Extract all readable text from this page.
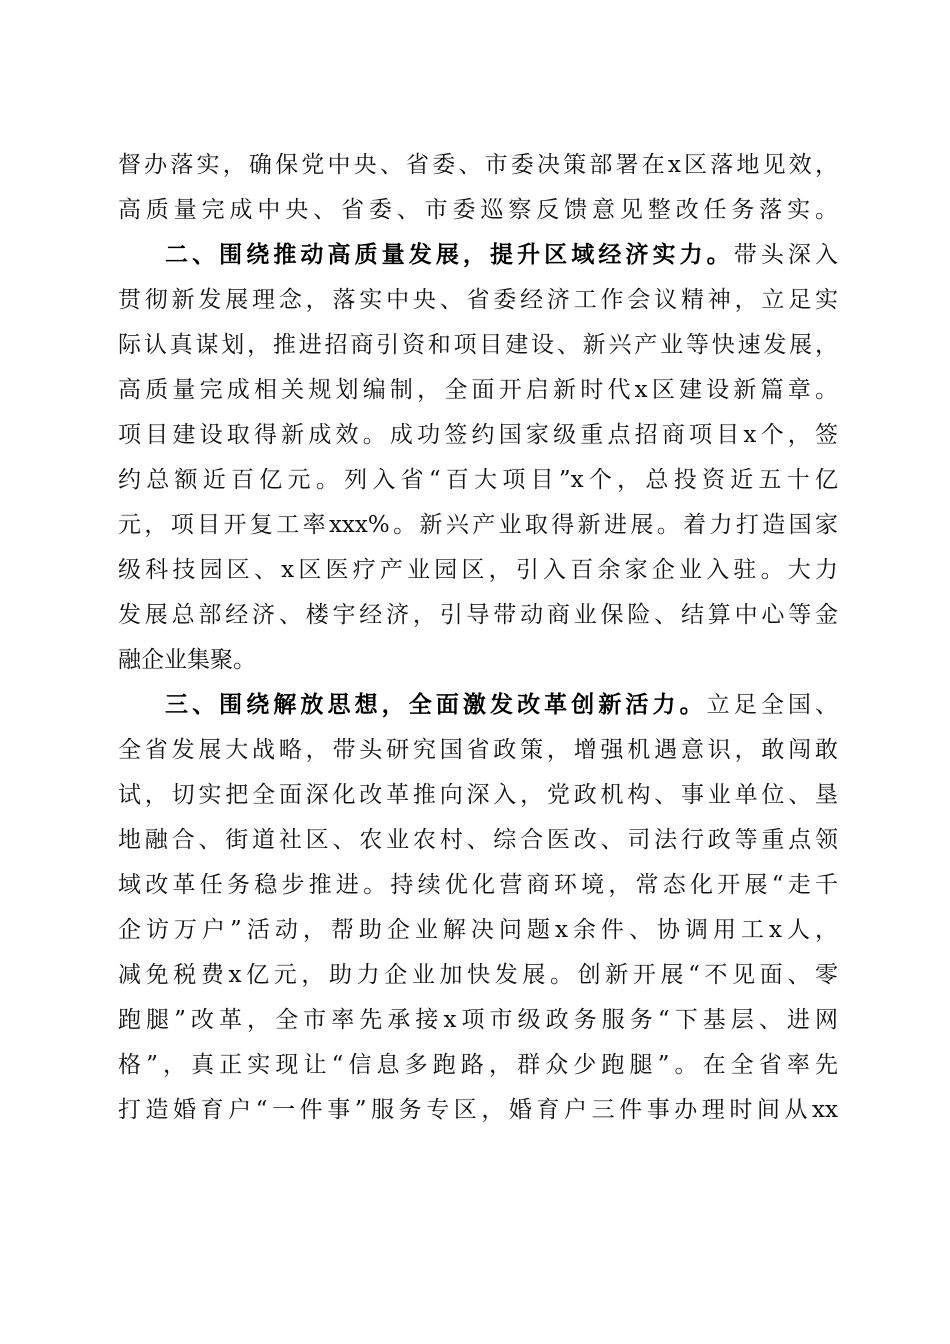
督办落实，确保党中央、省委、市委决策部署在x区落地见效，
高质量完成中央、省委、市委巡察反馈意见整改任务落实。
二、围绕推动高质量发展，提升区域经济实力。带头深入
贯彻新发展理念，落实中央、省委经济工作会议精神，立足实
际认真谋划，推进招商引资和项目建设、新兴产业等快速发展，
高质量完成相关规划编制，全面开启新时代x区建设新篇章。
项目建设取得新成效。成功签约国家级重点招商项目x个，签
约总额近百亿元。列入省“百大项目”x个，总投资近五十亿
元，项目开复工率xxx%。新兴产业取得新进展。着力打造国家
级科技园区、x区医疗产业园区，引入百余家企业入驻。大力
发展总部经济、楼宇经济，引导带动商业保险、结算中心等金
融企业集聚。
三、围绕解放思想，全面激发改革创新活力。立足全国、
全省发展大战略，带头研究国省政策，增强机遇意识，敢闯敢
试，切实把全面深化改革推向深入，党政机构、事业单位、垦
地融合、街道社区、农业农村、综合医改、司法行政等重点领
域改革任务稳步推进。持续优化营商环境，常态化开展“走千
企访万户”活动，帮助企业解决问题x余件、协调用工x人，
减免税费x亿元，助力企业加快发展。创新开展“不见面、零
跑腿”改革，全市率先承接x项市级政务服务“下基层、进网
格”，真正实现让“信息多跑路，群众少跑腿”。在全省率先
打造婚育户“一件事”服务专区，婚育户三件事办理时间从xx
